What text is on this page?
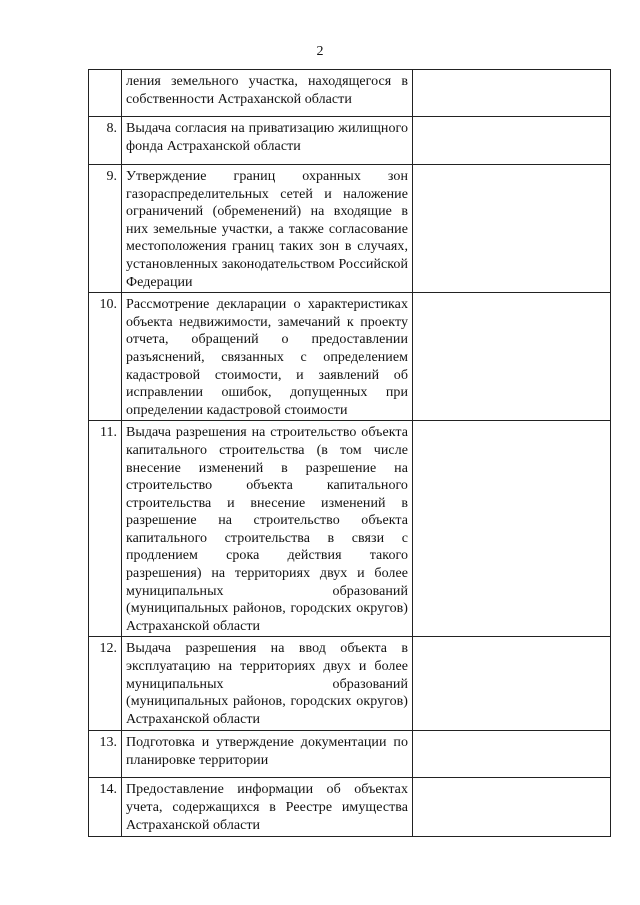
2
	ления земельного участка, находящегося в собственности Астраханской области	
8.	Выдача согласия на приватизацию жилищного фонда Астраханской области	
9.	Утверждение границ охранных зон газораспределительных сетей и наложение ограничений (обременений) на входящие в них земельные участки, а также согласование местоположения границ таких зон в случаях, установленных законодательством Российской Федерации	
10.	Рассмотрение декларации о характеристиках объекта недвижимости, замечаний к проекту отчета, обращений о предоставлении разъяснений, связанных с определением кадастровой стоимости, и заявлений об исправлении ошибок, допущенных при определении кадастровой стоимости	
11.	Выдача разрешения на строительство объекта капитального строительства (в том числе внесение изменений в разрешение на строительство объекта капитального строительства и внесение изменений в разрешение на строительство объекта капитального строительства в связи с продлением срока действия такого разрешения) на территориях двух и более муниципальных образований (муниципальных районов, городских округов) Астраханской области	
12.	Выдача разрешения на ввод объекта в эксплуатацию на территориях двух и более муниципальных образований (муниципальных районов, городских округов) Астраханской области	
13.	Подготовка и утверждение документации по планировке территории	
14.	Предоставление информации об объектах учета, содержащихся в Реестре имущества Астраханской области	
